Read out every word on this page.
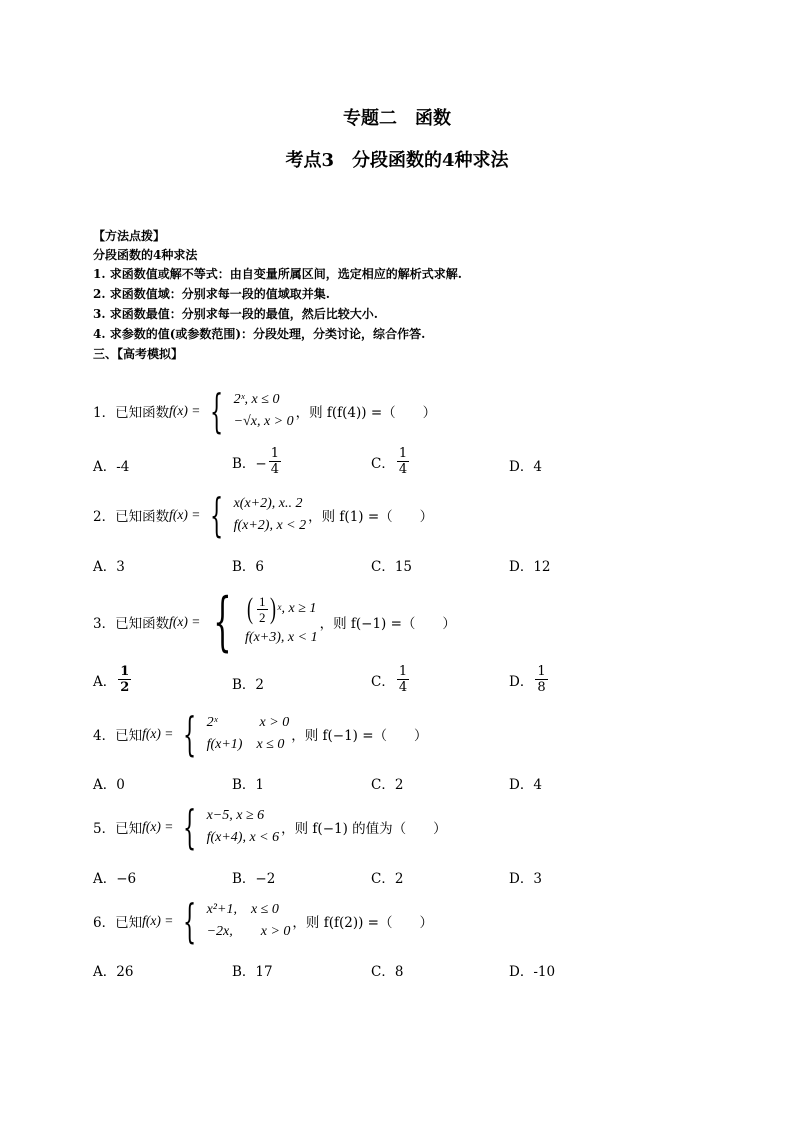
专题二　函数
考点3　分段函数的4种求法
【方法点拨】
分段函数的4种求法
1. 求函数值或解不等式：由自变量所属区间，选定相应的解析式求解.
2. 求函数值域：分别求每一段的值域取并集.
3. 求函数最值：分别求每一段的最值，然后比较大小.
4. 求参数的值(或参数范围)：分段处理，分类讨论，综合作答.
三、【高考模拟】
1．已知函数 f(x) = { 2ˣ, x ≤ 0
−√x, x > 0
，则 f(f(4)) =（　　）
A．-4	B．− $\frac{1}{4}$	C． $\frac{1}{4}$	D．4
2．已知函数 f(x) = { x(x+2), x.. 2
f(x+2), x < 2
，则 f(1) =（　　）
A．3	B．6	C．15	D．12
3．已知函数 f(x) = { ( $\frac{1}{2}$ ) x , x ≥ 1
f(x+3), x < 1
，则 f(−1) =（　　）
A． $\frac{1}{2}$	B．2	C． $\frac{1}{4}$	D． $\frac{1}{8}$
4．已知 f(x) = { 2ˣ　　　x > 0
f(x+1)　x ≤ 0
，则 f(−1) =（　　）
A．0	B．1	C．2	D．4
5．已知 f(x) = { x−5, x ≥ 6
f(x+4), x < 6
，则 f(−1) 的值为（　　）
A．−6	B．−2	C．2	D．3
6．已知 f(x) = { x²+1,　x ≤ 0
−2x,　　x > 0
，则 f(f(2)) =（　　）
A．26	B．17	C．8	D．-10
